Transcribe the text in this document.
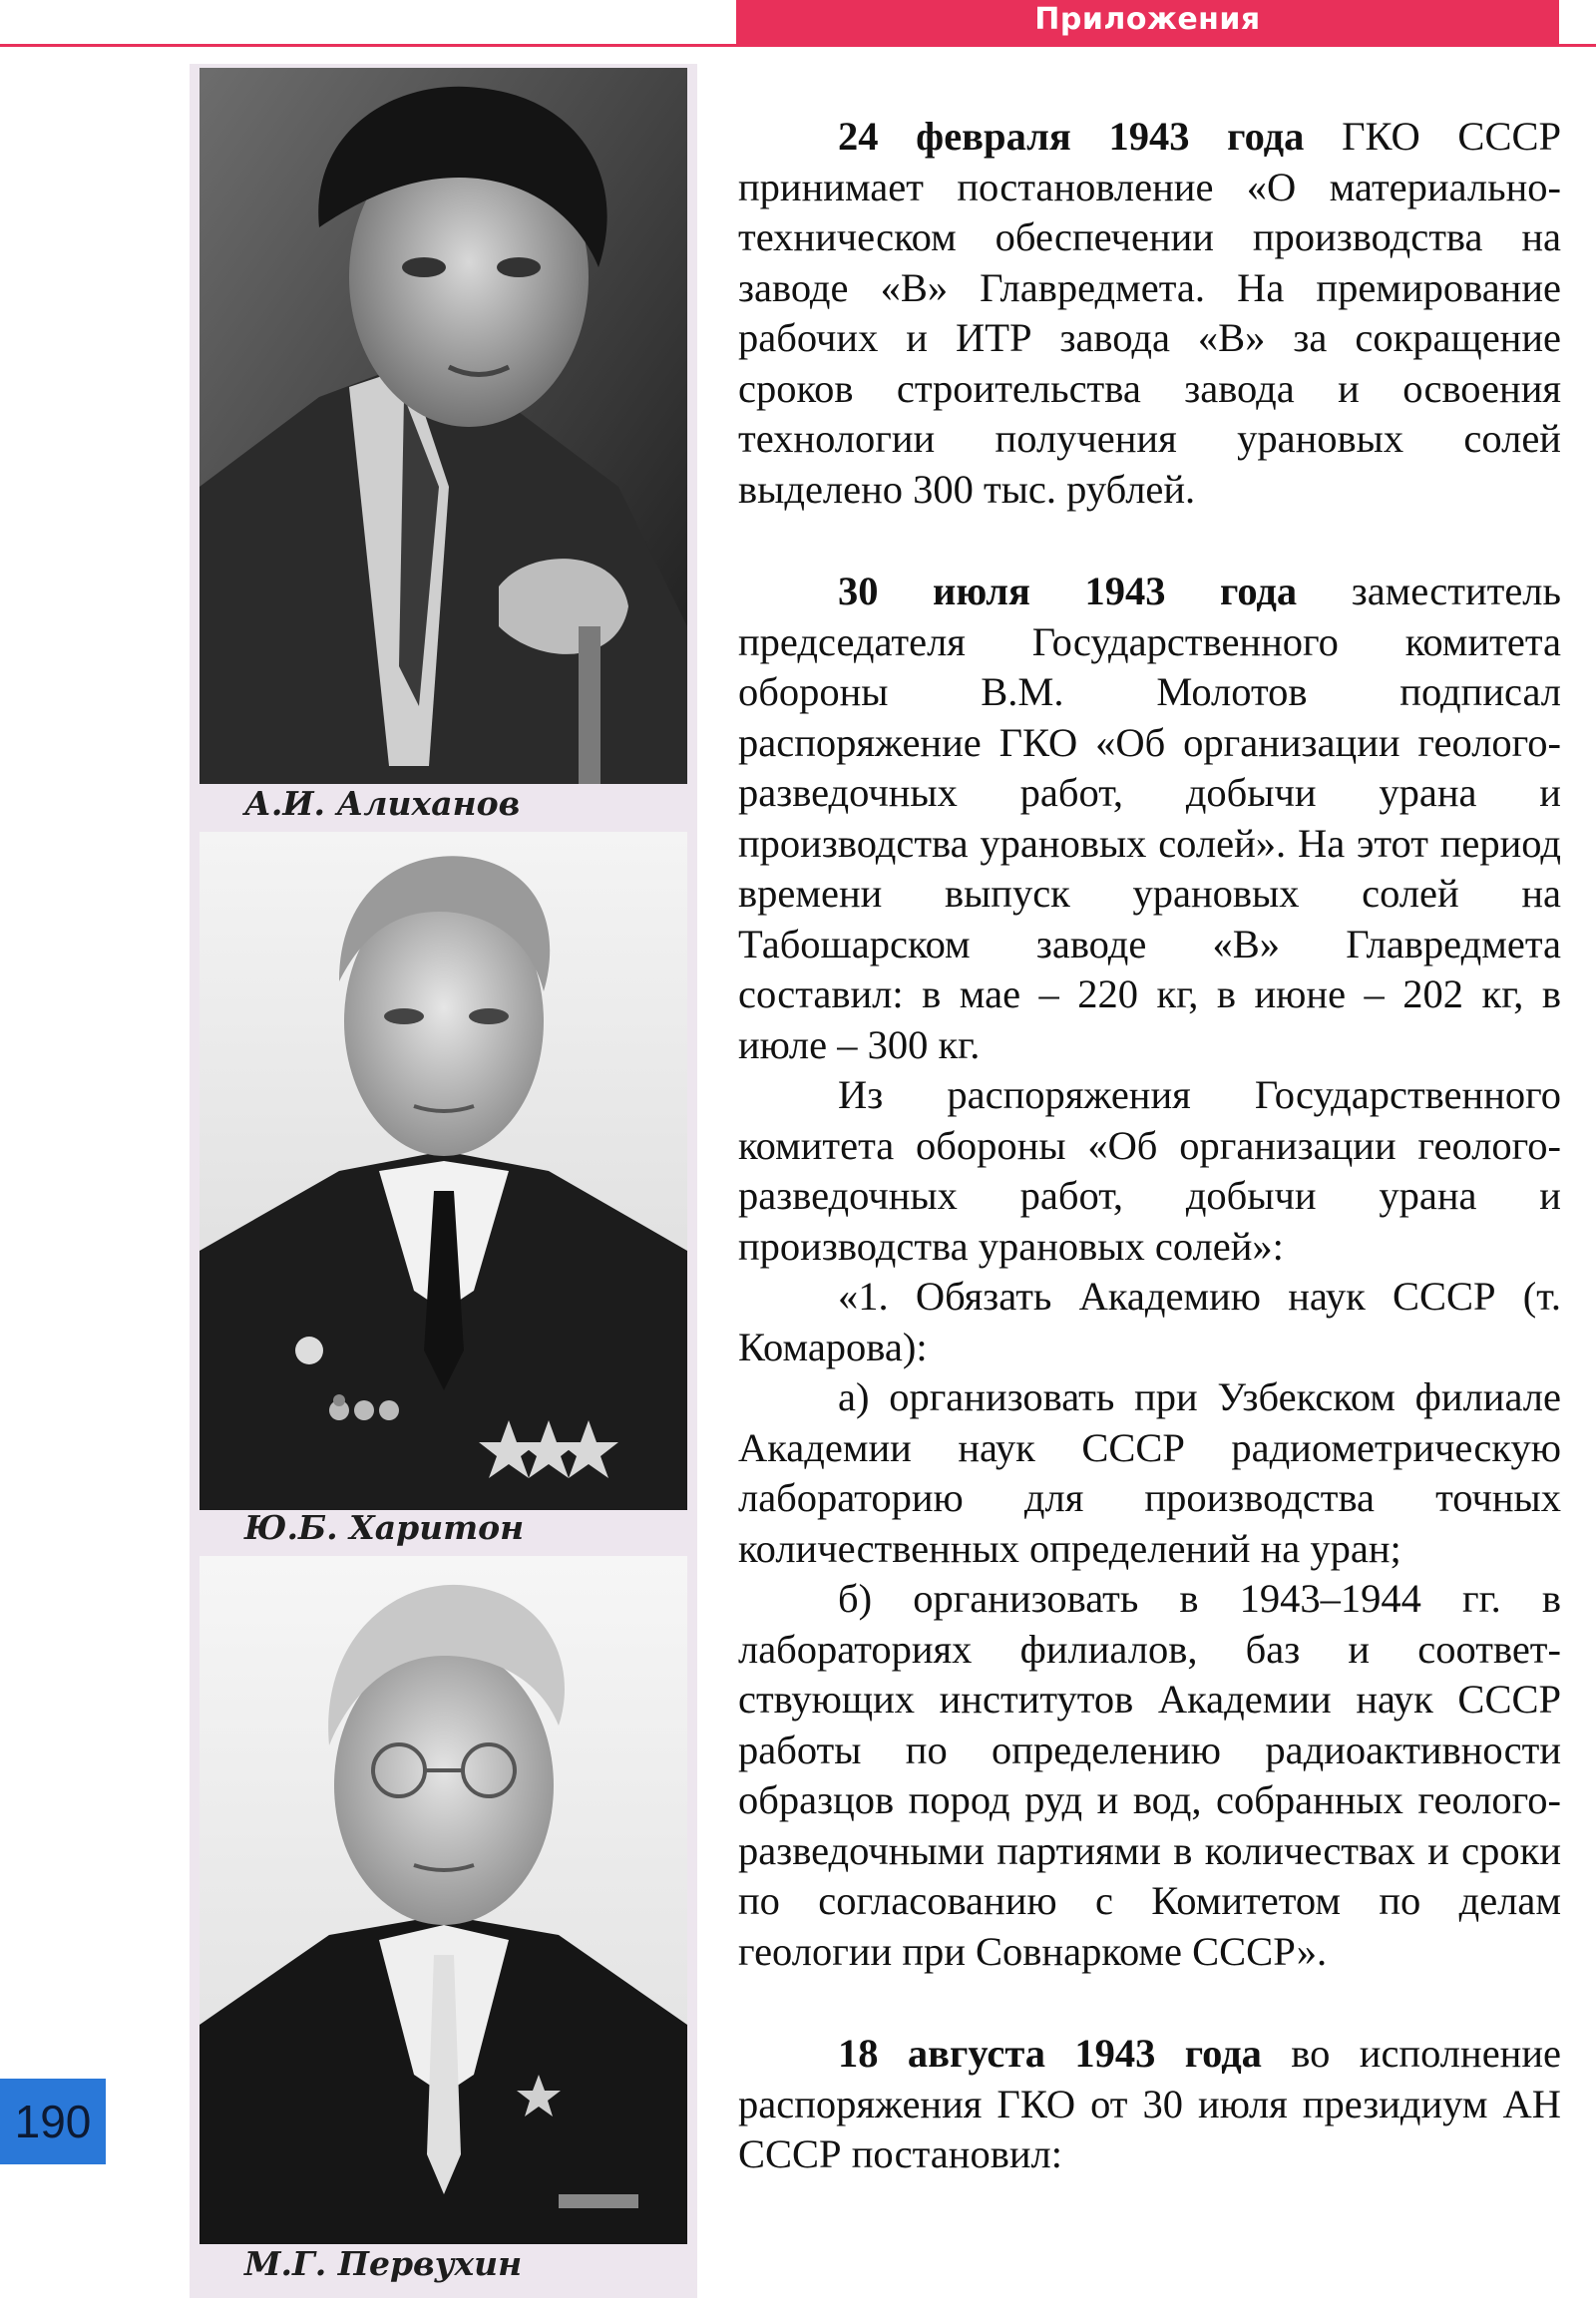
Приложения
А.И. Алиханов
Ю.Б. Харитон
М.Г. Первухин
190

24 февраля 1943 года ГКО СССР принимает постановление «О материально-техническом обеспечении производства на заводе «В» Главредмета. На премирование рабочих и ИТР завода «В» за сокращение сроков строительства завода и освоения технологии получения урановых солей выделено 300 тыс. рублей.

30 июля 1943 года заместитель председателя Государственного комитета обороны В.М. Молотов подписал распоряжение ГКО «Об организации геолого-разведочных работ, добычи урана и производства урановых солей». На этот период времени выпуск урановых солей на Табошарском заводе «В» Главредмета составил: в мае – 220 кг, в июне – 202 кг, в июле – 300 кг.

Из распоряжения Государственного комитета обороны «Об организации геолого-разведочных работ, добычи урана и производства урановых солей»:

«1. Обязать Академию наук СССР (т. Комарова):

а) организовать при Узбекском филиале Академии наук СССР радиометрическую лабораторию для производства точных количественных определений на уран;

б) организовать в 1943–1944 гг. в лабораториях филиалов, баз и соответствующих институтов Академии наук СССР работы по определению радиоактивности образцов пород руд и вод, собранных геолого-разведочными партиями в количествах и сроки по согласованию с Комитетом по делам геологии при Совнаркоме СССР».

18 августа 1943 года во исполнение распоряжения ГКО от 30 июля президиум АН СССР постановил:
